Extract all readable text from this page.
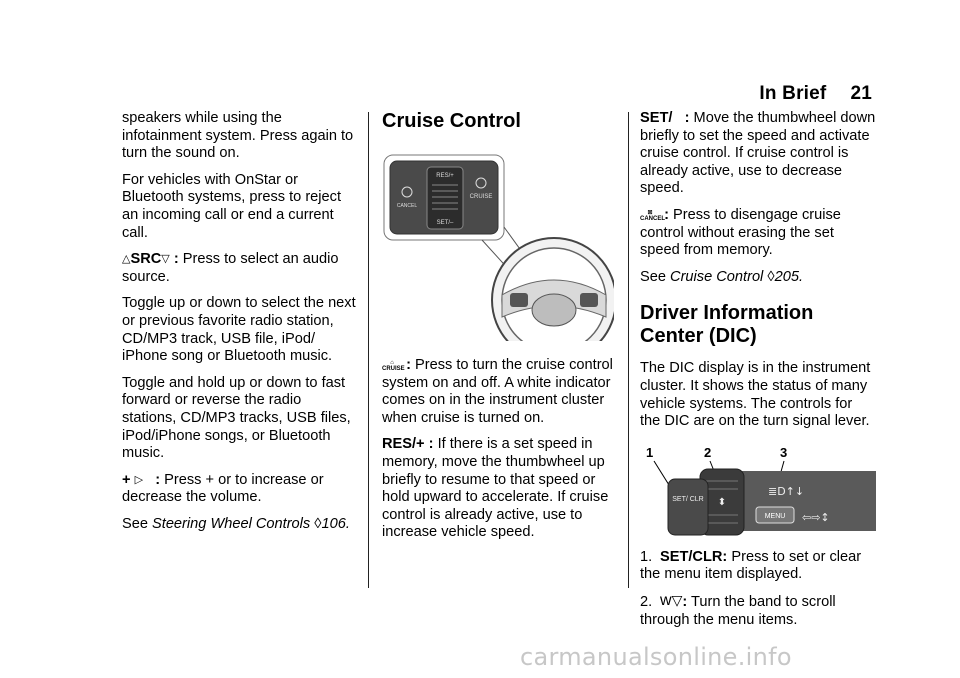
In Brief 21

speakers while using the infotainment system. Press again to turn the sound on.

For vehicles with OnStar or Bluetooth systems, press to reject an incoming call or end a current call.

△SRC▽ : Press to select an audio source.

Toggle up or down to select the next or previous favorite radio station, CD/MP3 track, USB file, iPod/ iPhone song or Bluetooth music.

Toggle and hold up or down to fast forward or reverse the radio stations, CD/MP3 tracks, USB files, iPod/iPhone songs, or Bluetooth music.

+ ▷ : Press + or to increase or decrease the volume.

See Steering Wheel Controls ◊106.

Cruise Control
RES/+
SET/–
CANCEL
CRUISE

⌂
CRUISE : Press to turn the cruise control system on and off. A white indicator comes on in the instrument cluster when cruise is turned on.

RES/+ : If there is a set speed in memory, move the thumbwheel up briefly to resume to that speed or hold upward to accelerate. If cruise control is already active, use to increase vehicle speed.

SET/ : Move the thumbwheel down briefly to set the speed and activate cruise control. If cruise control is already active, use to decrease speed.

⊠
CANCEL : Press to disengage cruise control without erasing the set speed from memory.

See Cruise Control ◊205.

Driver Information Center (DIC)

The DIC display is in the instrument cluster. It shows the status of many vehicle systems. The controls for the DIC are on the turn signal lever.

1	2	3
⬍
SET/ CLR
MENU
≣D↑↓
⇦⇨↕
1. SET/CLR: Press to set or clear the menu item displayed.
2. w▽: Turn the band to scroll through the menu items.
carmanualsonline.info
